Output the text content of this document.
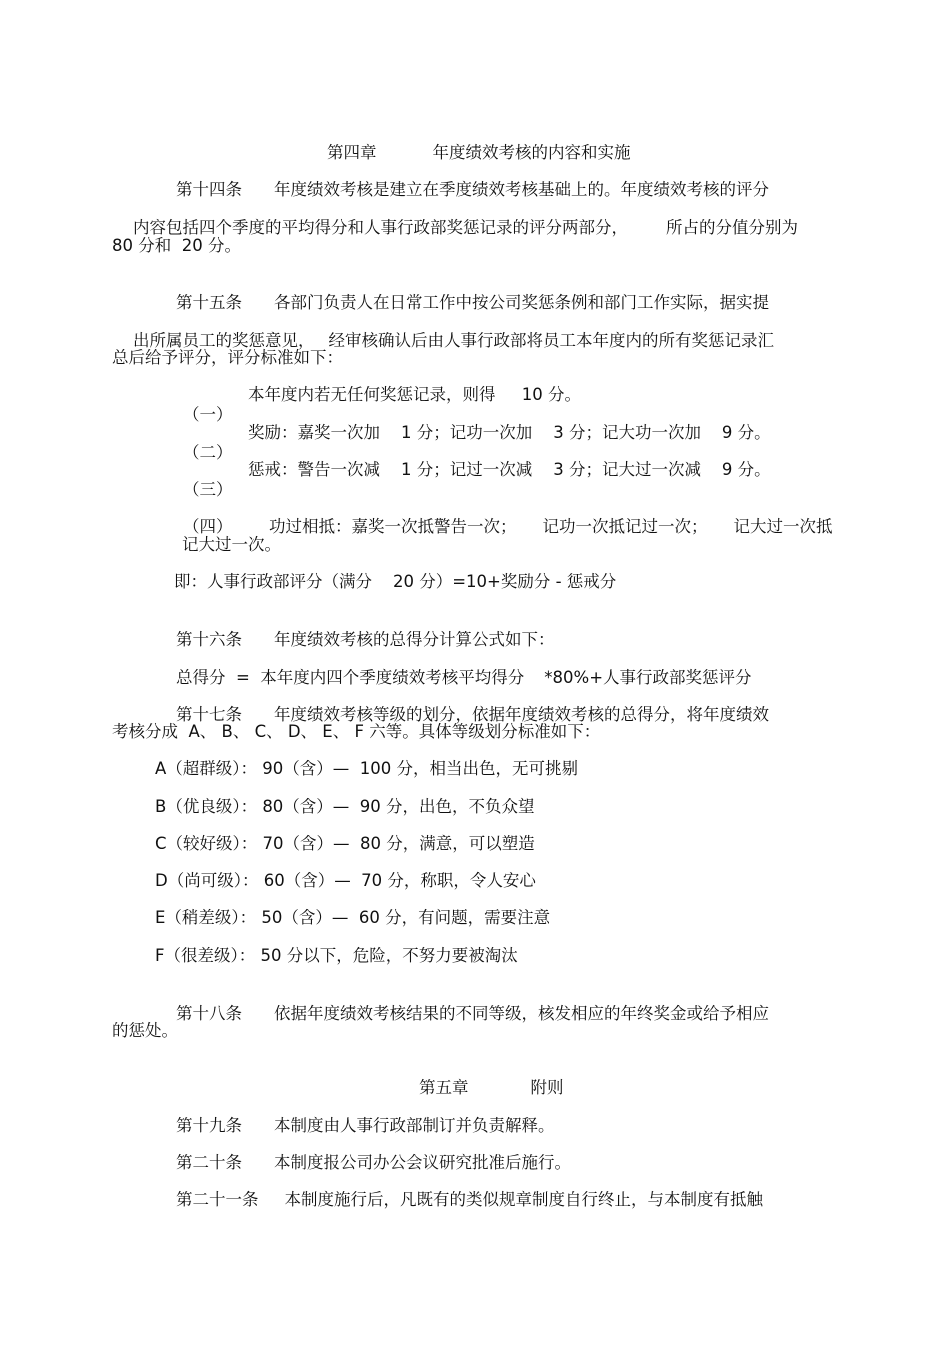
第四章	年度绩效考核的内容和实施

第十四条 年度绩效考核是建立在季度绩效考核基础上的。年度绩效考核的评分

内容包括四个季度的平均得分和人事行政部奖惩记录的评分两部分， 所占的分值分别为

80 分和  20 分。

第十五条 各部门负责人在日常工作中按公司奖惩条例和部门工作实际，据实提

出所属员工的奖惩意见， 经审核确认后由人事行政部将员工本年度内的所有奖惩记录汇

总后给予评分，评分标准如下：

（一）

本年度内若无任何奖惩记录，则得     10 分。

（二）

奖励：嘉奖一次加    1 分；记功一次加    3 分；记大功一次加    9 分。

（三）

惩戒：警告一次减    1 分；记过一次减    3 分；记大过一次减    9 分。

（四）
	功过相抵：嘉奖一次抵警告一次； 记功一次抵记过一次； 记大过一次抵

记大过一次。
即：人事行政部评分（满分    20 分）=10+奖励分 - 惩戒分

第十六条 年度绩效考核的总得分计算公式如下：

总得分  =  本年度内四个季度绩效考核平均得分 *80%+人事行政部奖惩评分

第十七条 年度绩效考核等级的划分，依据年度绩效考核的总得分，将年度绩效

考核分成  A、 B、 C、 D、 E、 F 六等。具体等级划分标准如下：
A（超群级）： 90（含）—  100 分，相当出色，无可挑剔
B（优良级）： 80（含）—  90 分，出色，不负众望
C（较好级）： 70（含）—  80 分，满意，可以塑造
D（尚可级）： 60（含）—  70 分，称职，令人安心
E（稍差级）： 50（含）—  60 分，有问题，需要注意
F（很差级）： 50 分以下，危险，不努力要被淘汰

第十八条 依据年度绩效考核结果的不同等级，核发相应的年终奖金或给予相应

的惩处。

第五章	附则

第十九条 本制度由人事行政部制订并负责解释。

第二十条 本制度报公司办公会议研究批准后施行。

第二十一条 本制度施行后，凡既有的类似规章制度自行终止，与本制度有抵触
